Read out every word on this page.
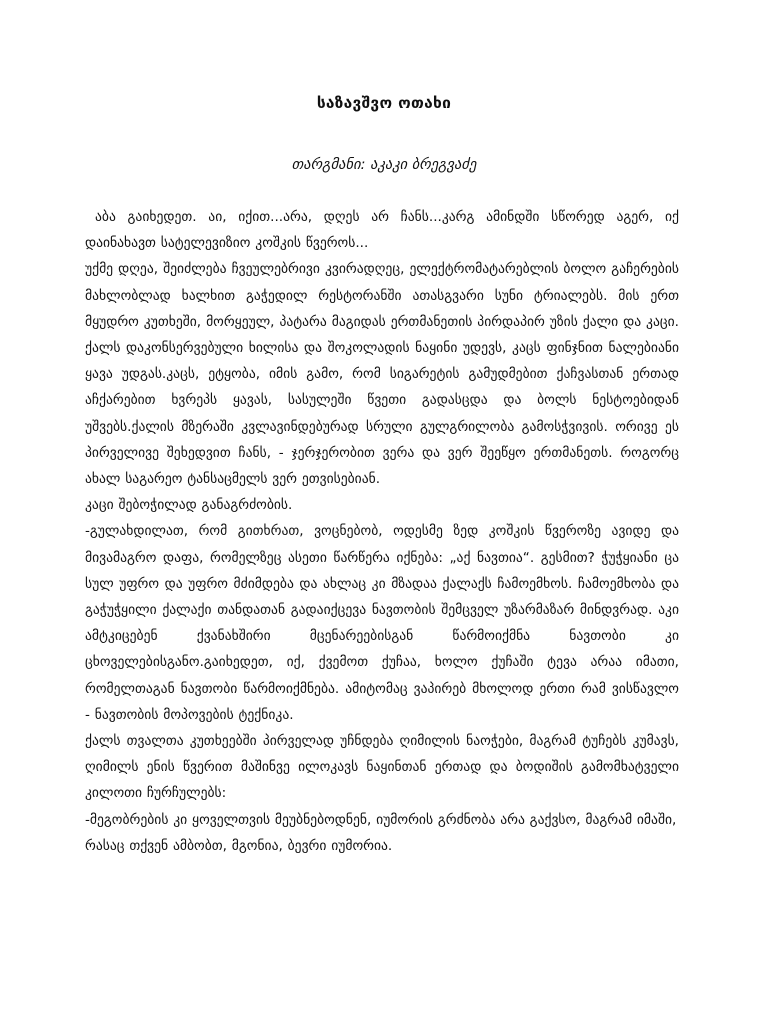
საზავშვო ოთახი
თარგმანი: აკაკი ბრეგვაძე

აბა გაიხედეთ. აი, იქით...არა, დღეს არ ჩანს...კარგ ამინდში სწორედ აგერ, იქ დაინახავთ სატელევიზიო კოშკის წვეროს...

უქმე დღეა, შეიძლება ჩვეულებრივი კვირადღეც, ელექტრომატარებლის ბოლო გაჩერების მახლობლად ხალხით გაჭედილ რესტორანში ათასგვარი სუნი ტრიალებს. მის ერთ მყუდრო კუთხეში, მორყეულ, პატარა მაგიდას ერთმანეთის პირდაპირ უზის ქალი და კაცი. ქალს დაკონსერვებული ხილისა და შოკოლადის ნაყინი უდევს, კაცს ფინჯნით ნალებიანი ყავა უდგას.კაცს, ეტყობა, იმის გამო, რომ სიგარეტის გამუდმებით ქაჩვასთან ერთად აჩქარებით ხვრეპს ყავას, სასულეში წვეთი გადასცდა და ბოლს ნესტოებიდან უშვებს.ქალის მზერაში კვლავინდებურად სრული გულგრილობა გამოსჭვივის. ორივე ეს პირველივე შეხედვით ჩანს, - ჯერჯერობით ვერა და ვერ შეეწყო ერთმანეთს. როგორც ახალ საგარეო ტანსაცმელს ვერ ეთვისებიან.

კაცი შებოჭილად განაგრძობის.

-გულახდილათ, რომ გითხრათ, ვოცნებობ, ოდესმე ზედ კოშკის წვეროზე ავიდე და მივამაგრო დაფა, რომელზეც ასეთი წარწერა იქნება: „აქ ნავთია“. გესმით? ჭუჭყიანი ცა სულ უფრო და უფრო მძიმდება და ახლაც კი მზადაა ქალაქს ჩამოემხოს. ჩამოემხობა და გაჭუჭყილი ქალაქი თანდათან გადაიქცევა ნავთობის შემცველ უზარმაზარ მინდვრად. აკი ამტკიცებენ ქვანახშირი მცენარეებისგან წარმოიქმნა ნავთობი კი ცხოველებისგანო.გაიხედეთ, იქ, ქვემოთ ქუჩაა, ხოლო ქუჩაში ტევა არაა იმათი, რომელთაგან ნავთობი წარმოიქმნება. ამიტომაც ვაპირებ მხოლოდ ერთი რამ ვისწავლო - ნავთობის მოპოვების ტექნიკა.

ქალს თვალთა კუთხეებში პირველად უჩნდება ღიმილის ნაოჭები, მაგრამ ტუჩებს კუმავს, ღიმილს ენის წვერით მაშინვე ილოკავს ნაყინთან ერთად და ბოდიშის გამომხატველი კილოთი ჩურჩულებს:

-მეგობრების კი ყოველთვის მეუბნებოდნენ, იუმორის გრძნობა არა გაქვსო, მაგრამ იმაში, რასაც თქვენ ამბობთ, მგონია, ბევრი იუმორია.
